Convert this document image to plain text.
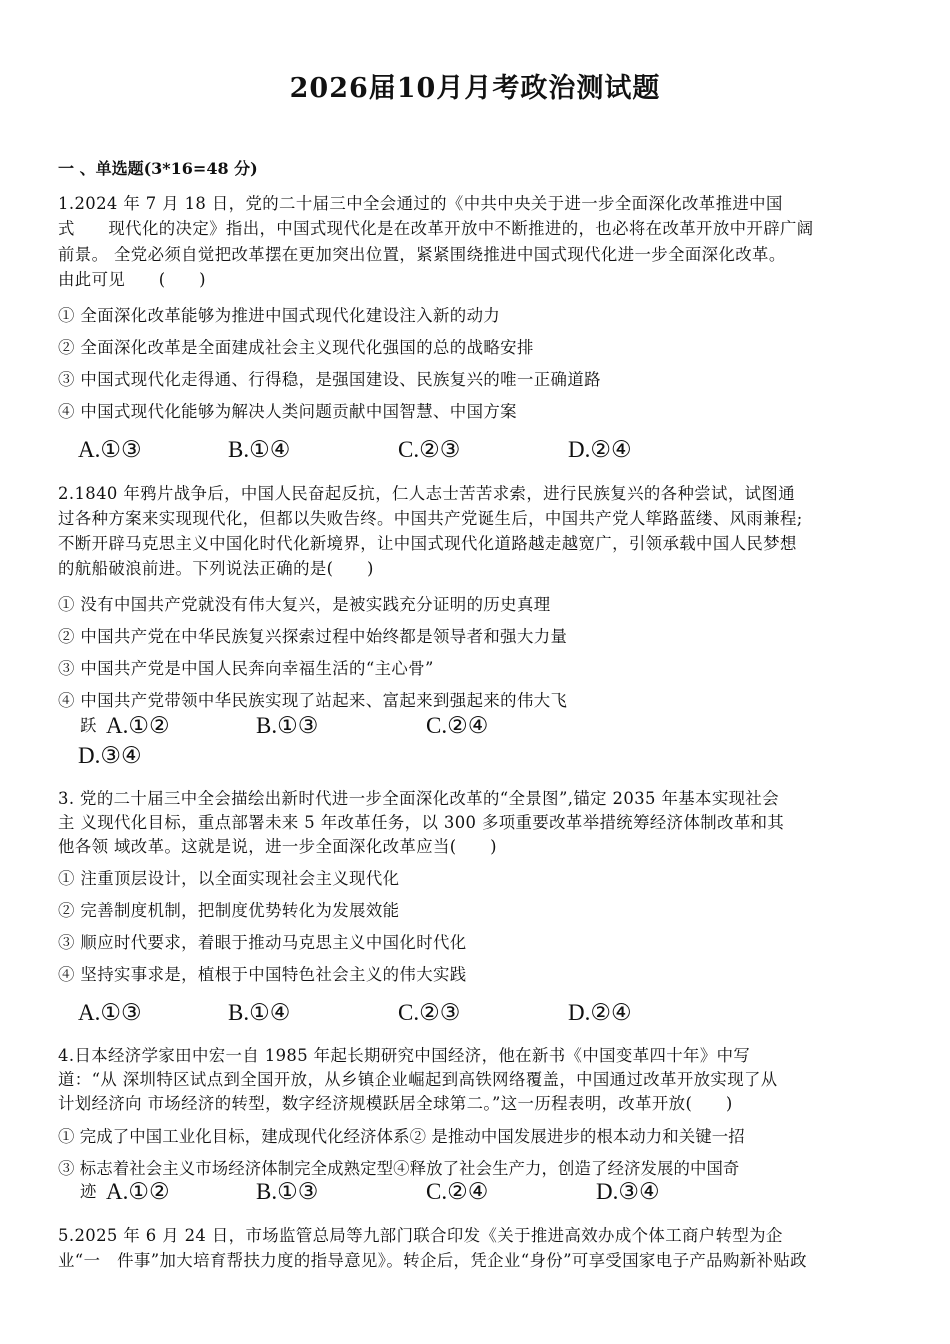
2026届10月月考政治测试题
一 、单选题(3*16=48 分)
1.2024 年 7 月 18 日，党的二十届三中全会通过的《中共中央关于进一步全面深化改革推进中国
式　　现代化的决定》指出，中国式现代化是在改革开放中不断推进的，也必将在改革开放中开辟广阔
前景。 全党必须自觉把改革摆在更加突出位置，紧紧围绕推进中国式现代化进一步全面深化改革。
由此可见　　(　　)
① 全面深化改革能够为推进中国式现代化建设注入新的动力
② 全面深化改革是全面建成社会主义现代化强国的总的战略安排
③ 中国式现代化走得通、行得稳，是强国建设、民族复兴的唯一正确道路
④ 中国式现代化能够为解决人类问题贡献中国智慧、中国方案
A.①③	B.①④	C.②③	D.②④
2.1840 年鸦片战争后，中国人民奋起反抗，仁人志士苦苦求索，进行民族复兴的各种尝试，试图通
过各种方案来实现现代化，但都以失败告终。中国共产党诞生后，中国共产党人筚路蓝缕、风雨兼程;
不断开辟马克思主义中国化时代化新境界，让中国式现代化道路越走越宽广，引领承载中国人民梦想
的航船破浪前进。下列说法正确的是(　　)
① 没有中国共产党就没有伟大复兴，是被实践充分证明的历史真理
② 中国共产党在中华民族复兴探索过程中始终都是领导者和强大力量
③ 中国共产党是中国人民奔向幸福生活的“主心骨”
④ 中国共产党带领中华民族实现了站起来、富起来到强起来的伟大飞
跃 A.①②	B.①③	C.②④
D.③④
3. 党的二十届三中全会描绘出新时代进一步全面深化改革的“全景图”,锚定 2035 年基本实现社会
主 义现代化目标，重点部署未来 5 年改革任务，以 300 多项重要改革举措统筹经济体制改革和其
他各领 域改革。这就是说，进一步全面深化改革应当(　　)
① 注重顶层设计，以全面实现社会主义现代化
② 完善制度机制，把制度优势转化为发展效能
③ 顺应时代要求，着眼于推动马克思主义中国化时代化
④ 坚持实事求是，植根于中国特色社会主义的伟大实践
A.①③	B.①④	C.②③	D.②④
4.日本经济学家田中宏一自 1985 年起长期研究中国经济，他在新书《中国变革四十年》中写
道：“从 深圳特区试点到全国开放，从乡镇企业崛起到高铁网络覆盖，中国通过改革开放实现了从
计划经济向 市场经济的转型，数字经济规模跃居全球第二。”这一历程表明，改革开放(　　)
① 完成了中国工业化目标，建成现代化经济体系② 是推动中国发展进步的根本动力和关键一招
③ 标志着社会主义市场经济体制完全成熟定型④释放了社会生产力，创造了经济发展的中国奇
迹 A.①②	B.①③	C.②④	D.③④
5.2025 年 6 月 24 日，市场监管总局等九部门联合印发《关于推进高效办成个体工商户转型为企
业“一　件事”加大培育帮扶力度的指导意见》。转企后，凭企业“身份”可享受国家电子产品购新补贴政
